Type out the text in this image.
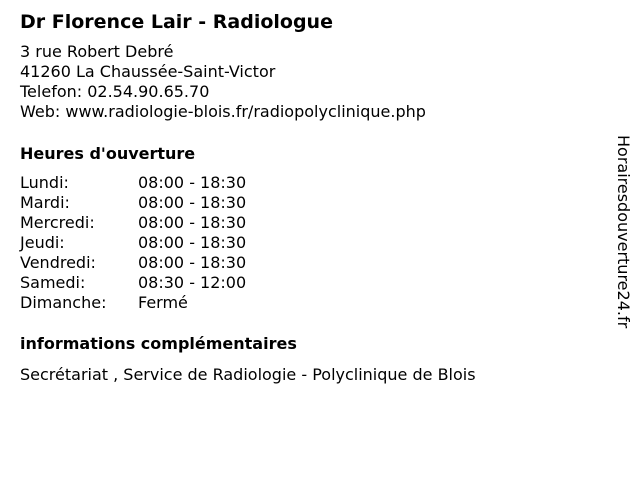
Dr Florence Lair - Radiologue
3 rue Robert Debré
41260 La Chaussée-Saint-Victor
Telefon: 02.54.90.65.70
Web: www.radiologie-blois.fr/radiopolyclinique.php
Heures d'ouverture
Lundi:	08:00 - 18:30
Mardi:	08:00 - 18:30
Mercredi:	08:00 - 18:30
Jeudi:	08:00 - 18:30
Vendredi:	08:00 - 18:30
Samedi:	08:30 - 12:00
Dimanche:	Fermé
informations complémentaires
Secrétariat , Service de Radiologie - Polyclinique de Blois
Horairesdouverture24.fr
